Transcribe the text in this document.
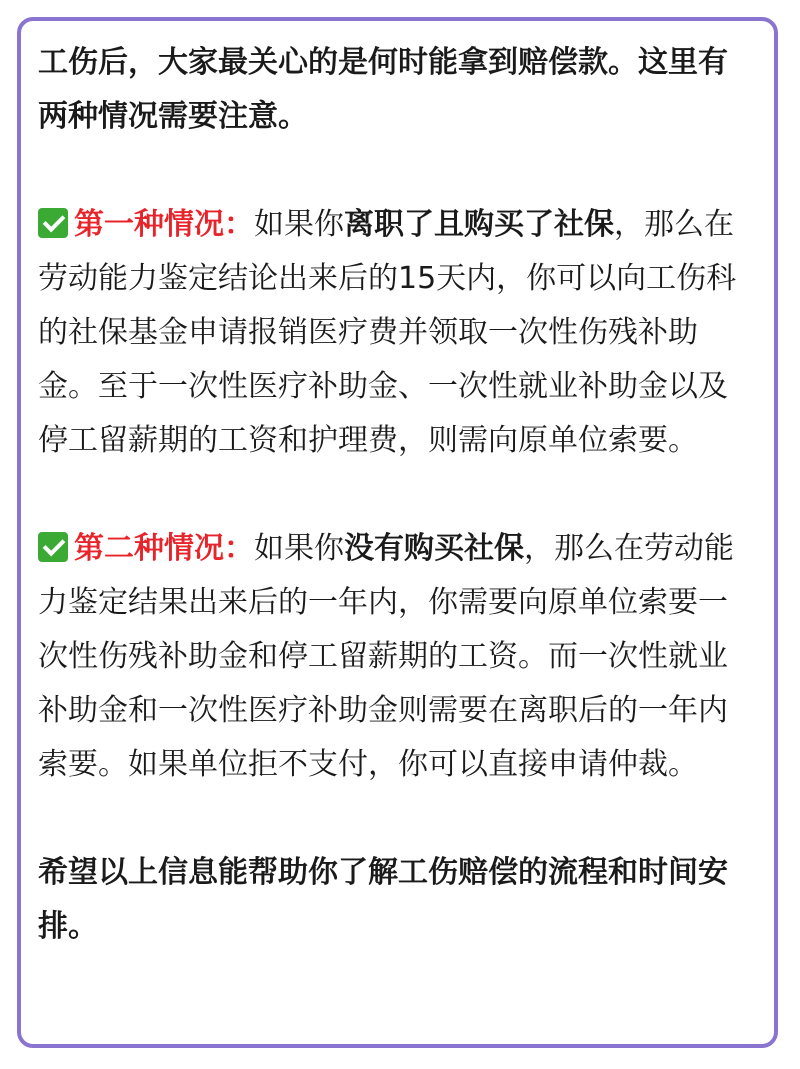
工伤后，大家最关心的是何时能拿到赔偿款。这里有两种情况需要注意。

第一种情况：如果你离职了且购买了社保，那么在劳动能力鉴定结论出来后的15天内，你可以向工伤科的社保基金申请报销医疗费并领取一次性伤残补助金。至于一次性医疗补助金、一次性就业补助金以及停工留薪期的工资和护理费，则需向原单位索要。

第二种情况：如果你没有购买社保，那么在劳动能力鉴定结果出来后的一年内，你需要向原单位索要一次性伤残补助金和停工留薪期的工资。而一次性就业补助金和一次性医疗补助金则需要在离职后的一年内索要。如果单位拒不支付，你可以直接申请仲裁。

希望以上信息能帮助你了解工伤赔偿的流程和时间安排。
